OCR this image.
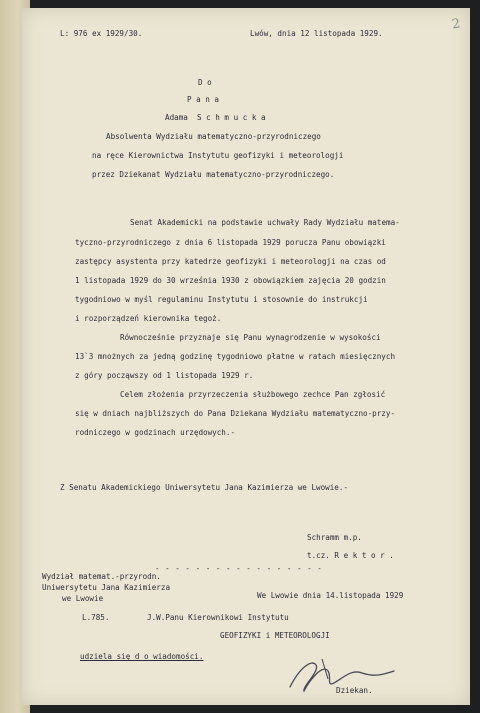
2
L: 976 ex 1929/30.	Lwów, dnia 12 listopada 1929.
D o
P a n a
Adama  S c h m u c k a
Absolwenta Wydziału matematyczno-przyrodniczego
na ręce Kierownictwa Instytutu geofizyki i meteorologji
przez Dziekanat Wydziału matematyczno-przyrodniczego.
Senat Akademicki na podstawie uchwały Rady Wydziału matema-
tyczno-przyrodniczego z dnia 6 listopada 1929 poruczа Panu obowiązki
zastępcy asystenta przy katedrze geofizyki i meteorologji na czas od
1 listopada 1929 do 30 września 1930 z obowiązkiem zajęcia 20 godzin
tygodniowo w myśl regulaminu Instytutu i stosownie do instrukcji
i rozporządzeń kierownika tegoż.
Równocześnie przyznaje się Panu wynagrodzenie w wysokości
13`3 mnożnych za jedną godzinę tygodniowo płatne w ratach miesięcznych
z góry począwszy od 1 listopada 1929 r.
Celem złożenia przyrzeczenia służbowego zechce Pan zgłosić
się w dniach najbliższych do Pana Dziekana Wydziału matematyczno-przy-
rodniczego w godzinach urzędowych.-
Z Senatu Akademickiego Uniwersytetu Jana Kazimierza we Lwowie.-
Schramm m.p.
t.cz. R e k t o r .
- - - - - - - - - - - - - - - - -
Wydział matemat.-przyrodn.
Uniwersytetu Jana Kazimierza
we Lwowie
L.785.
We Lwowie dnia 14.listopada 1929
J.W.Panu Kierownikowi Instytutu
GEOFIZYKI i METEOROLOGJI
udziela się d o wiadomości.
Dziekan.
